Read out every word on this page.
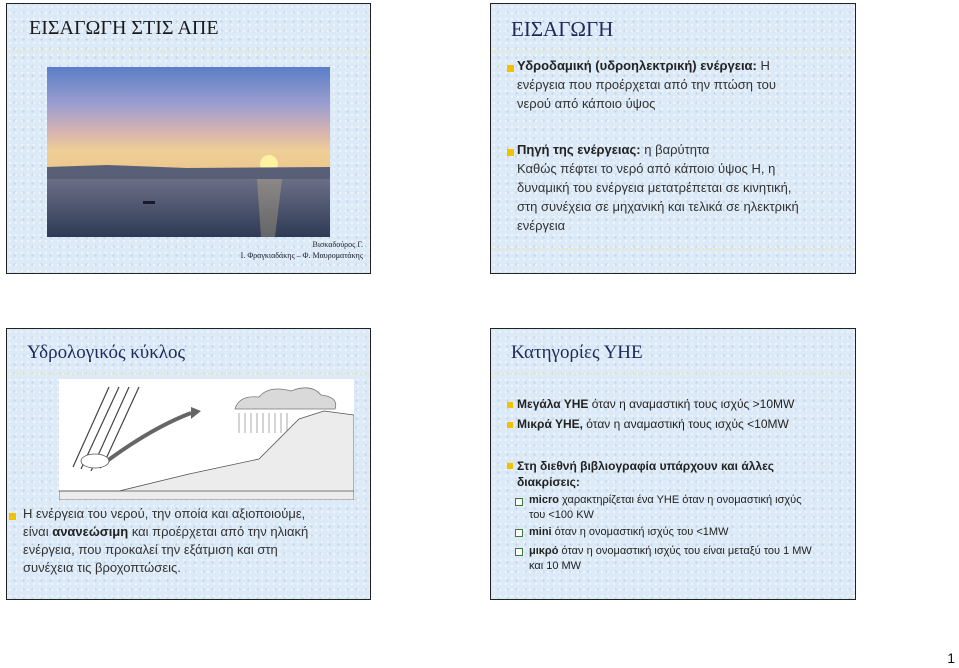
ΕΙΣΑΓΩΓΗ ΣΤΙΣ ΑΠΕ
Βισκαδούρος Γ.
Ι. Φραγκιαδάκης – Φ. Μαυροματάκης
ΕΙΣΑΓΩΓΗ
Υδροδαμική (υδροηλεκτρική) ενέργεια: Η
ενέργεια που προέρχεται από την πτώση του
νερού από κάποιο ύψος
Πηγή της ενέργειας: η βαρύτητα
Καθώς πέφτει το νερό από κάποιο ύψος Η, η
δυναμική του ενέργεια μετατρέπεται σε κινητική,
στη συνέχεια σε μηχανική και τελικά σε ηλεκτρική
ενέργεια
Υδρολογικός κύκλος
Η ενέργεια του νερού, την οποία και αξιοποιούμε,
είναι ανανεώσιμη και προέρχεται από την ηλιακή
ενέργεια, που προκαλεί την εξάτμιση και στη
συνέχεια τις βροχοπτώσεις.
Κατηγορίες ΥΗΕ
Μεγάλα ΥΗΕ όταν η αναμαστική τους ισχύς >10MW
Μικρά ΥΗΕ, όταν η αναμαστική τους ισχύς <10MW
Στη διεθνή βιβλιογραφία υπάρχουν και άλλες
διακρίσεις:
micro χαρακτηρίζεται ένα ΥΗΕ όταν η ονομαστική ισχύς
του <100 KW
mini όταν η ονομαστική ισχύς του <1MW
μικρό όταν η ονομαστική ισχύς του είναι μεταξύ του 1 MW
και 10 MW
1
